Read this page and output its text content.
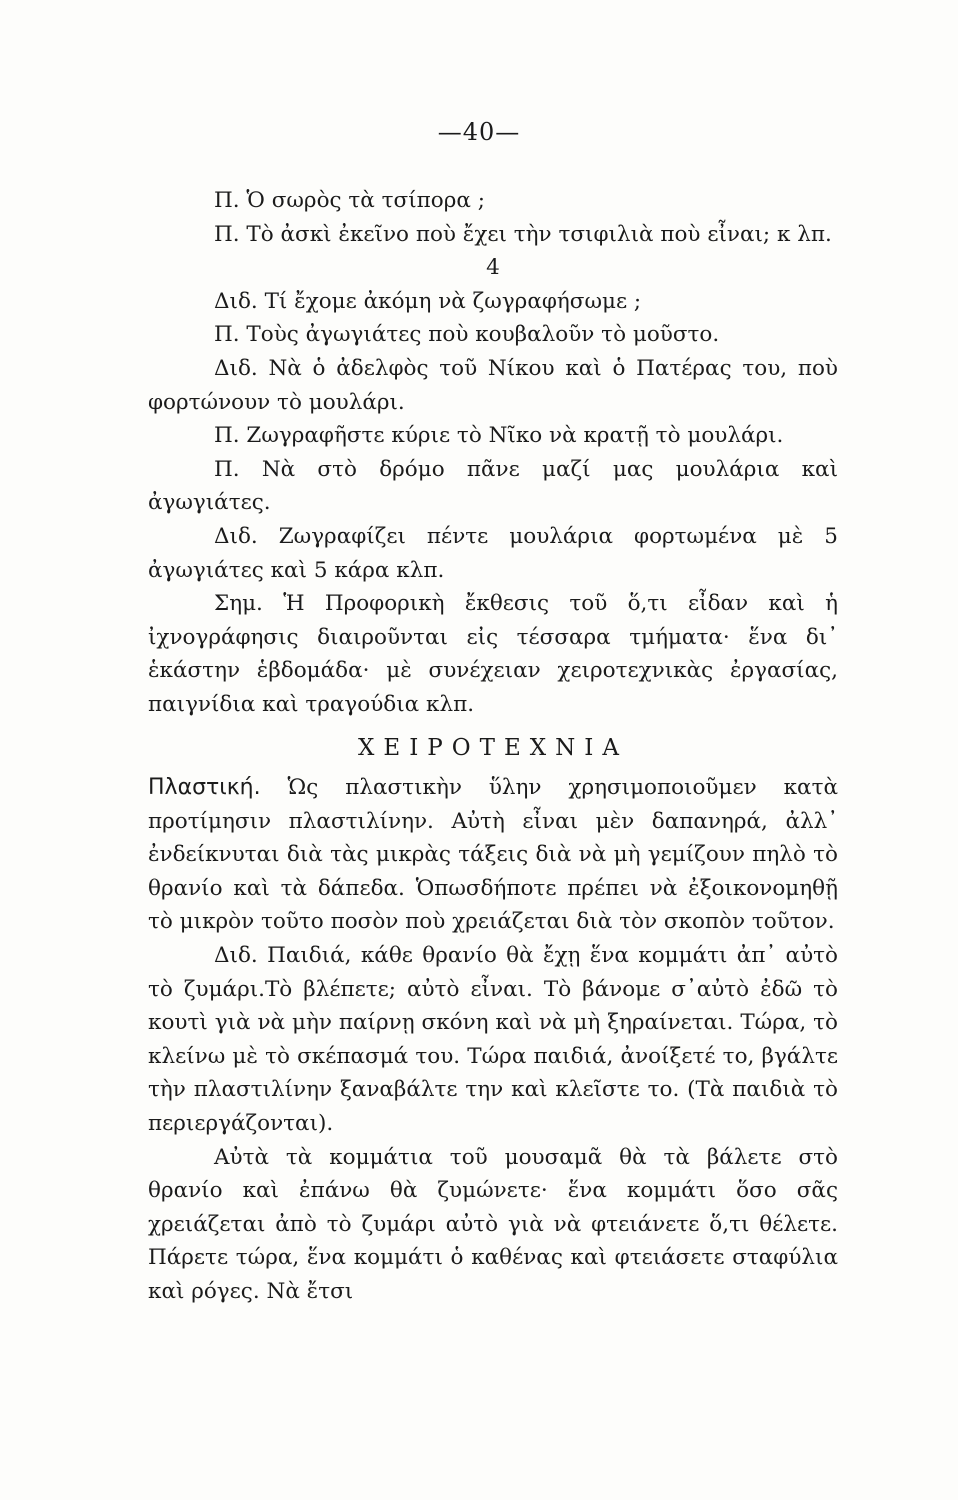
—40—

Π. Ὁ σωρὸς τὰ τσίπορα ;

Π. Τὸ ἀσκὶ ἐκεῖνο ποὺ ἔχει τὴν τσιφιλιὰ ποὺ εἶναι; κ λπ.

4

Διδ. Τί ἔχομε ἀκόμη νὰ ζωγραφήσωμε ;

Π. Τοὺς ἀγωγιάτες ποὺ κουβαλοῦν τὸ μοῦστο.

Διδ. Νὰ ὁ ἀδελφὸς τοῦ Νίκου καὶ ὁ Πατέρας του, ποὺ φορτώνουν τὸ μουλάρι.

Π. Ζωγραφῆστε κύριε τὸ Νῖκο νὰ κρατῇ τὸ μουλάρι.

Π. Νὰ στὸ δρόμο πᾶνε μαζί μας μουλάρια καὶ ἀγωγιάτες.

Διδ. Ζωγραφίζει πέντε μουλάρια φορτωμένα μὲ 5 ἀγωγιάτες καὶ 5 κάρα κλπ.

Σημ. Ἡ Προφορικὴ ἔκθεσις τοῦ ὅ,τι εἶδαν καὶ ἡ ἰχνογράφησις διαιροῦνται εἰς τέσσαρα τμήματα· ἕνα δι᾽ ἑκάστην ἑβδομάδα· μὲ συνέχειαν χειροτεχνικὰς ἐργασίας, παιγνίδια καὶ τραγούδια κλπ.

ΧΕΙΡΟΤΕΧΝΙΑ

Πλαστική. Ὡς πλαστικὴν ὕλην χρησιμοποιοῦμεν κατὰ προτίμησιν πλαστιλίνην. Αὐτὴ εἶναι μὲν δαπανηρά, ἀλλ᾽ ἐνδείκνυται διὰ τὰς μικρὰς τάξεις διὰ νὰ μὴ γεμίζουν πηλὸ τὸ θρανίο καὶ τὰ δάπεδα. Ὁπωσδήποτε πρέπει νὰ ἐξοικονομηθῇ τὸ μικρὸν τοῦτο ποσὸν ποὺ χρειάζεται διὰ τὸν σκοπὸν τοῦτον.

Διδ. Παιδιά, κάθε θρανίο θὰ ἔχῃ ἕνα κομμάτι ἀπ᾽ αὐτὸ τὸ ζυμάρι.Τὸ βλέπετε; αὐτὸ εἶναι. Τὸ βάνομε σ᾽αὐτὸ ἐδῶ τὸ κουτὶ γιὰ νὰ μὴν παίρνῃ σκόνη καὶ νὰ μὴ ξηραίνεται. Τώρα, τὸ κλείνω μὲ τὸ σκέπασμά του. Τώρα παιδιά, ἀνοίξετέ το, βγάλτε τὴν πλαστιλίνην ξαναβάλτε την καὶ κλεῖστε το. (Τὰ παιδιὰ τὸ περιεργάζονται).

Αὐτὰ τὰ κομμάτια τοῦ μουσαμᾶ θὰ τὰ βάλετε στὸ θρανίο καὶ ἐπάνω θὰ ζυμώνετε· ἕνα κομμάτι ὅσο σᾶς χρειάζεται ἀπὸ τὸ ζυμάρι αὐτὸ γιὰ νὰ φτειάνετε ὅ,τι θέλετε. Πάρετε τώρα, ἕνα κομμάτι ὁ καθένας καὶ φτειάσετε σταφύλια καὶ ρόγες. Νὰ ἔτσι
